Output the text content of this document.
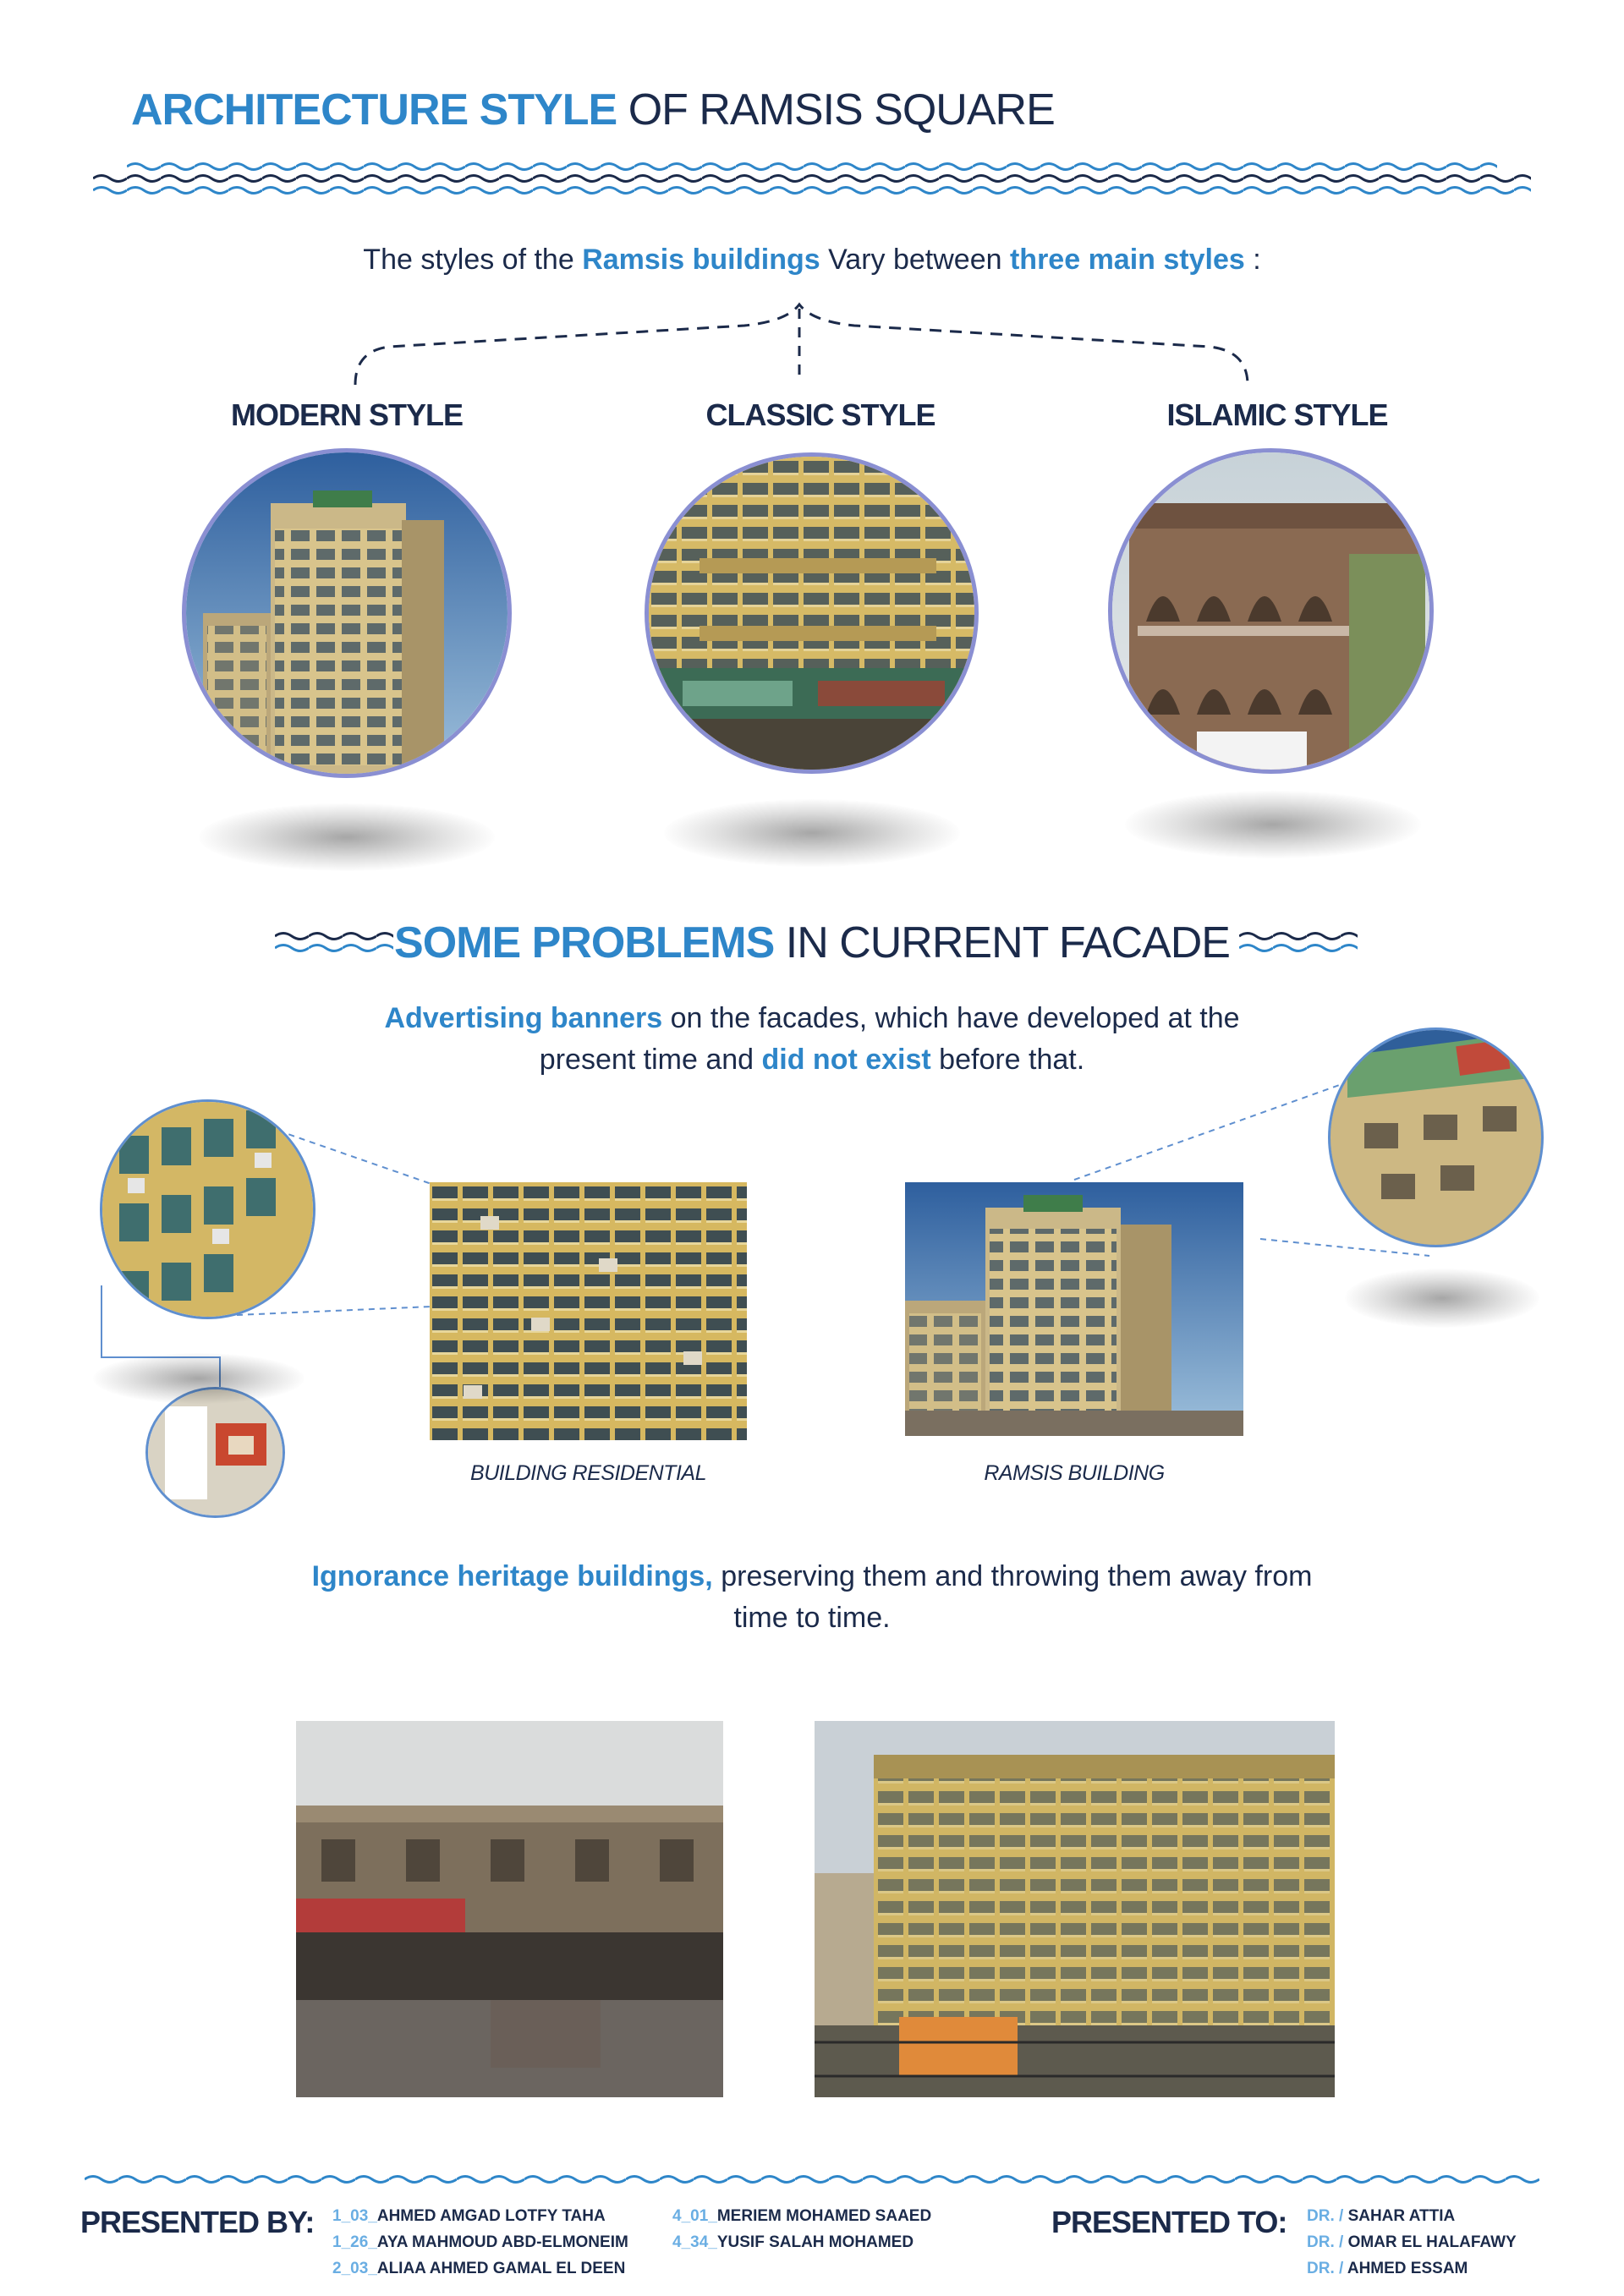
ARCHITECTURE STYLE OF RAMSIS SQUARE
The styles of the Ramsis buildings Vary between three main styles :
MODERN STYLE	CLASSIC STYLE	ISLAMIC STYLE
SOME PROBLEMS IN CURRENT FACADE
Advertising banners on the facades, which have developed at the
present time and did not exist before that.
BUILDING RESIDENTIAL	RAMSIS BUILDING
Ignorance heritage buildings, preserving them and throwing them away from
time to time.
PRESENTED BY: 1_03_AHMED AMGAD LOTFY TAHA
1_26_AYA MAHMOUD ABD-ELMONEIM
2_03_ALIAA AHMED GAMAL EL DEEN
4_01_MERIEM MOHAMED SAAED
4_34_YUSIF SALAH MOHAMED
PRESENTED TO: DR. / SAHAR ATTIA
DR. / OMAR EL HALAFAWY
DR. / AHMED ESSAM
